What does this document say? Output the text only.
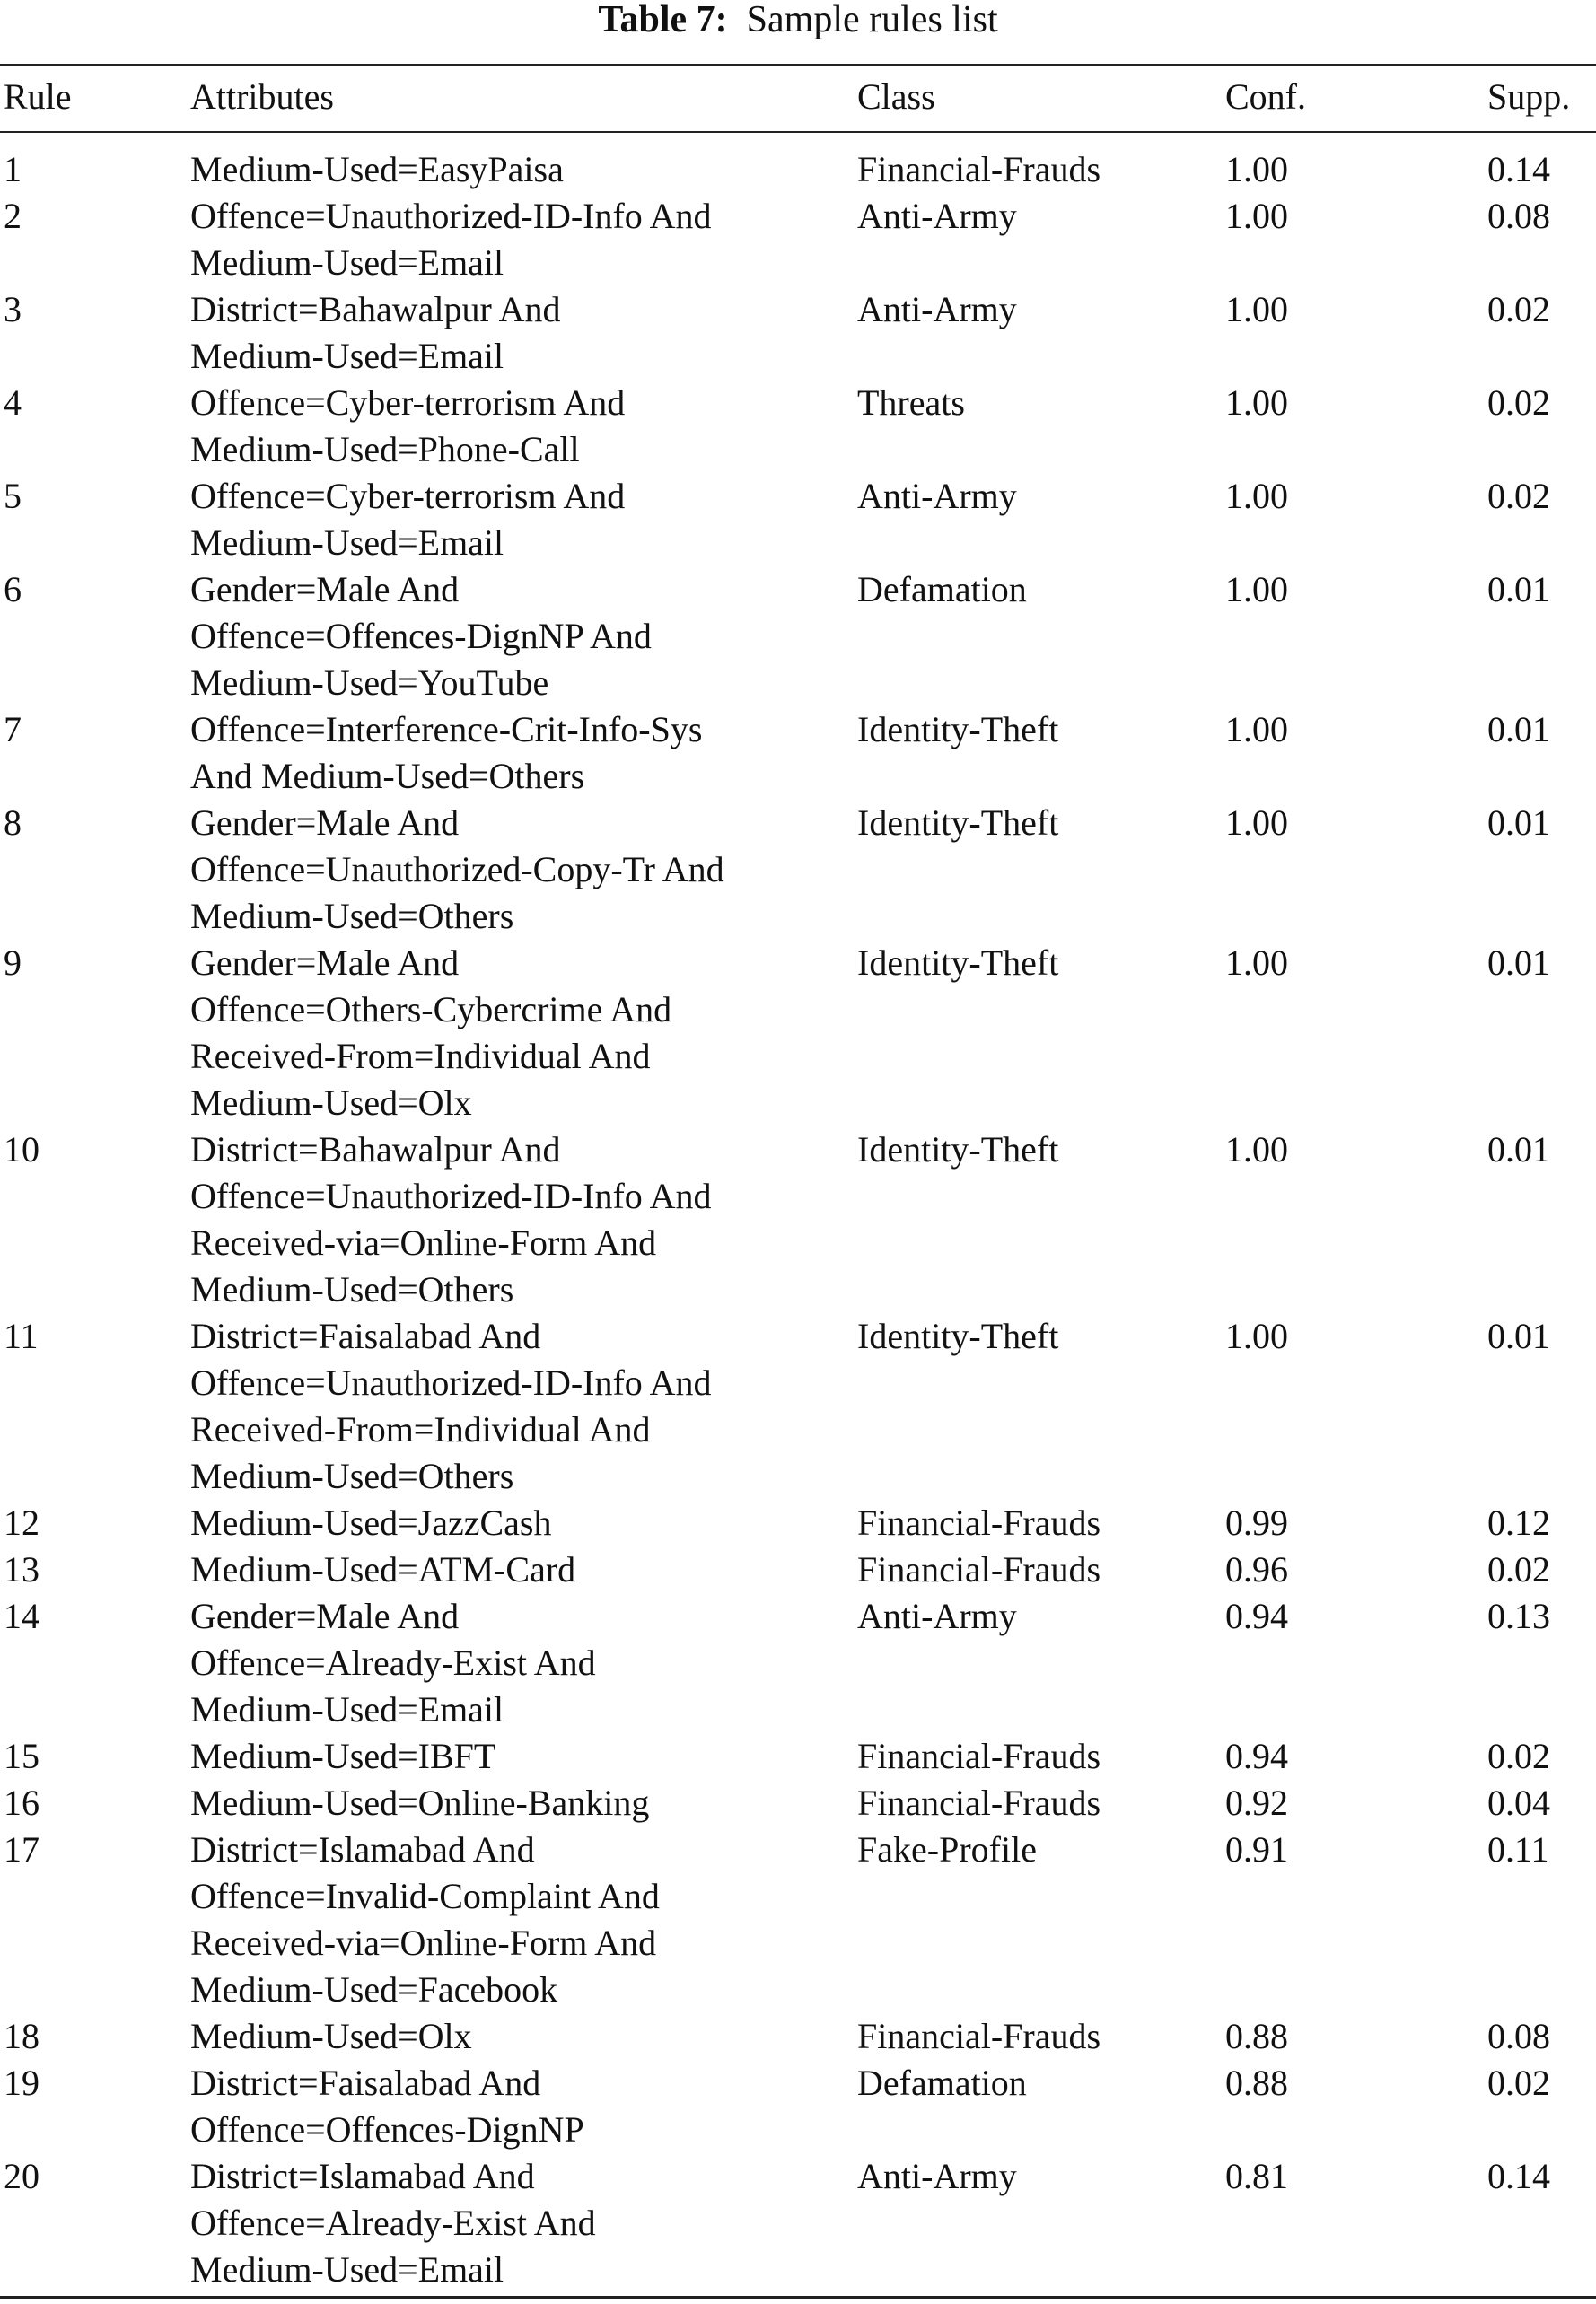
Table 7: Sample rules list
Rule	Attributes	Class	Conf.	Supp.
1	Medium-Used=EasyPaisa	Financial-Frauds	1.00	0.14
2	Offence=Unauthorized-ID-Info And
Medium-Used=Email
Anti-Army	1.00	0.08
3	District=Bahawalpur And
Medium-Used=Email
Anti-Army	1.00	0.02
4	Offence=Cyber-terrorism And
Medium-Used=Phone-Call
Threats	1.00	0.02
5	Offence=Cyber-terrorism And
Medium-Used=Email
Anti-Army	1.00	0.02
6	Gender=Male And
Offence=Offences-DignNP And
Medium-Used=YouTube
Defamation	1.00	0.01
7	Offence=Interference-Crit-Info-Sys
And Medium-Used=Others
Identity-Theft	1.00	0.01
8	Gender=Male And
Offence=Unauthorized-Copy-Tr And
Medium-Used=Others
Identity-Theft	1.00	0.01
9	Gender=Male And
Offence=Others-Cybercrime And
Received-From=Individual And
Medium-Used=Olx
Identity-Theft	1.00	0.01
10	District=Bahawalpur And
Offence=Unauthorized-ID-Info And
Received-via=Online-Form And
Medium-Used=Others
Identity-Theft	1.00	0.01
11	District=Faisalabad And
Offence=Unauthorized-ID-Info And
Received-From=Individual And
Medium-Used=Others
Identity-Theft	1.00	0.01
12	Medium-Used=JazzCash	Financial-Frauds	0.99	0.12
13	Medium-Used=ATM-Card	Financial-Frauds	0.96	0.02
14	Gender=Male And
Offence=Already-Exist And
Medium-Used=Email
Anti-Army	0.94	0.13
15	Medium-Used=IBFT	Financial-Frauds	0.94	0.02
16	Medium-Used=Online-Banking	Financial-Frauds	0.92	0.04
17	District=Islamabad And
Offence=Invalid-Complaint And
Received-via=Online-Form And
Medium-Used=Facebook
Fake-Profile	0.91	0.11
18	Medium-Used=Olx	Financial-Frauds	0.88	0.08
19	District=Faisalabad And
Offence=Offences-DignNP
Defamation	0.88	0.02
20	District=Islamabad And
Offence=Already-Exist And
Medium-Used=Email
Anti-Army	0.81	0.14
